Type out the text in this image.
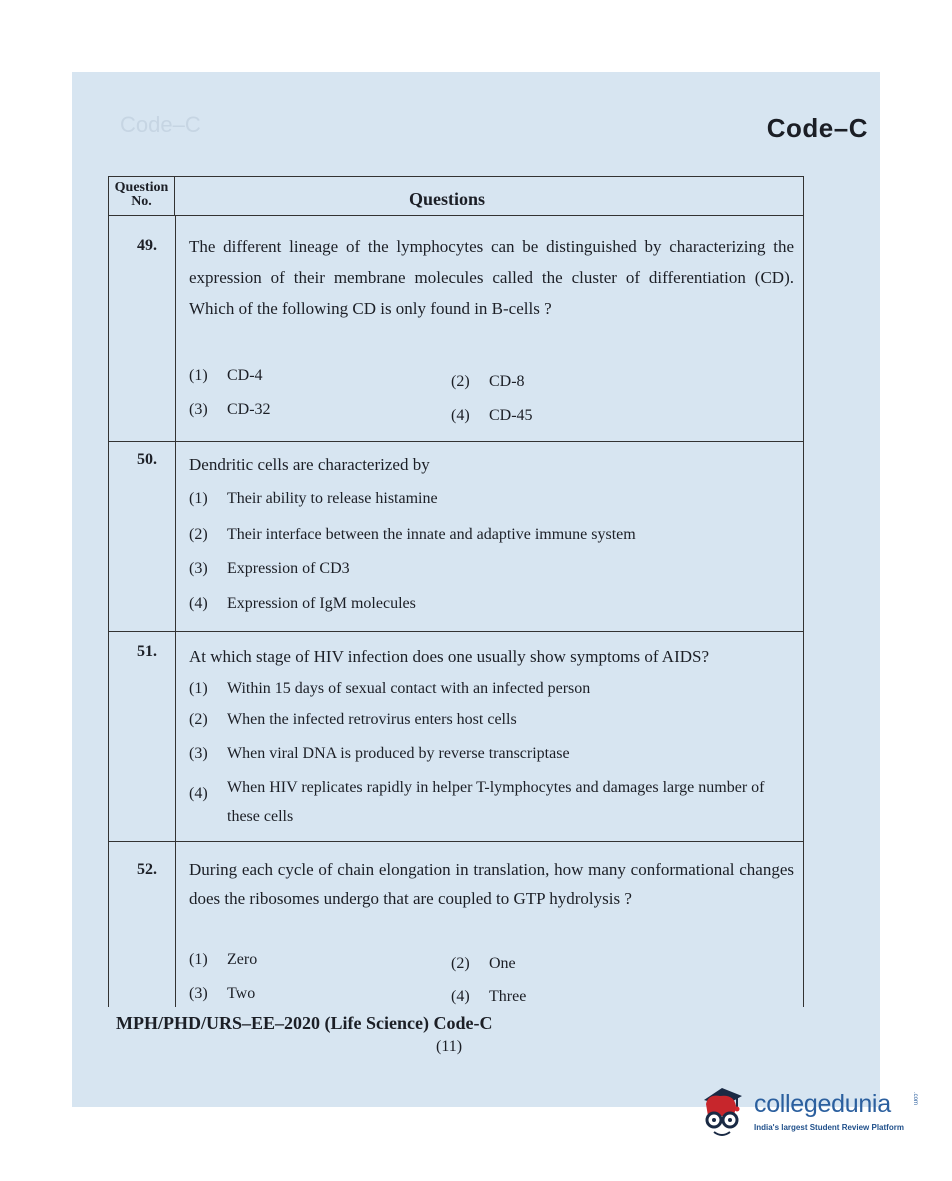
Code–C	Code–C
Question
No.	Questions
49. The different lineage of the lymphocytes can be distinguished by characterizing the expression of their membrane molecules called the cluster of differentiation (CD). Which of the following CD is only found in B-cells ?
(1) CD-4	(2) CD-8
(3) CD-32	(4) CD-45
50. Dendritic cells are characterized by
(1) Their ability to release histamine
(2) Their interface between the innate and adaptive immune system
(3) Expression of CD3
(4) Expression of IgM molecules
51. At which stage of HIV infection does one usually show symptoms of AIDS?
(1) Within 15 days of sexual contact with an infected person
(2) When the infected retrovirus enters host cells
(3) When viral DNA is produced by reverse transcriptase
(4)	When HIV replicates rapidly in helper T-lymphocytes and damages large number of these cells
52. During each cycle of chain elongation in translation, how many conformational changes does the ribosomes undergo that are coupled to GTP hydrolysis ?
(1) Zero	(2) One
(3) Two	(4) Three
MPH/PHD/URS–EE–2020 (Life Science) Code-C
(11)
collegedunia	.com
India's largest Student Review Platform
